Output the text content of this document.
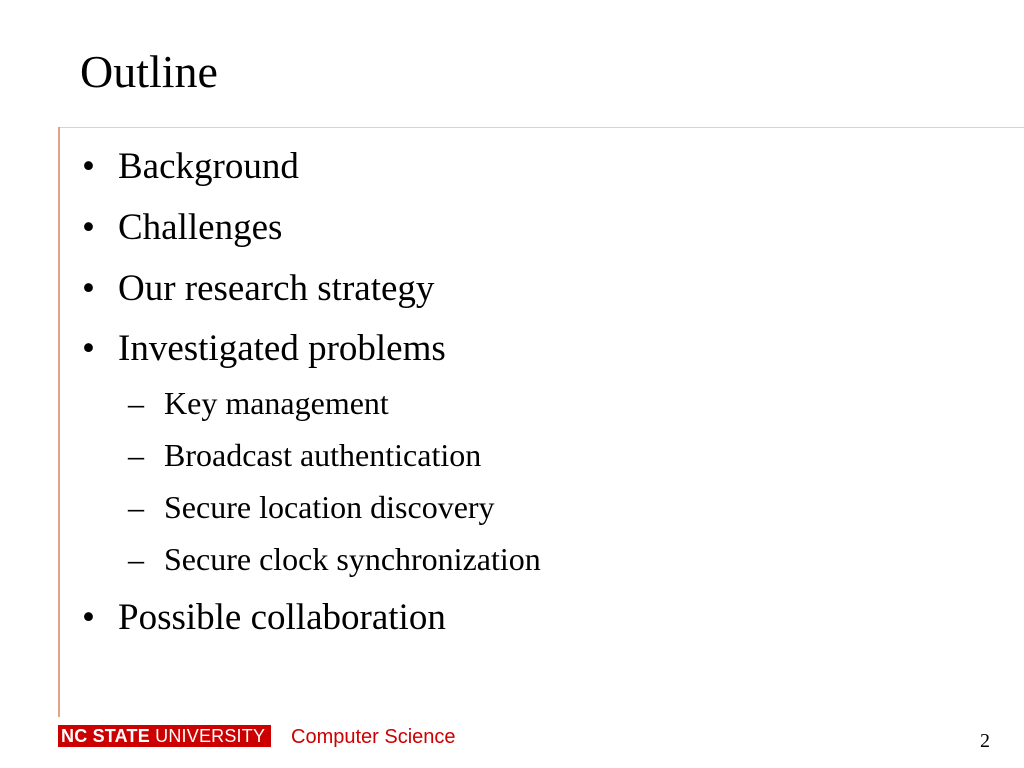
Outline
• Background
• Challenges
• Our research strategy
• Investigated problems
– Key management
– Broadcast authentication
– Secure location discovery
– Secure clock synchronization
• Possible collaboration
NC STATE UNIVERSITY	Computer Science	2
